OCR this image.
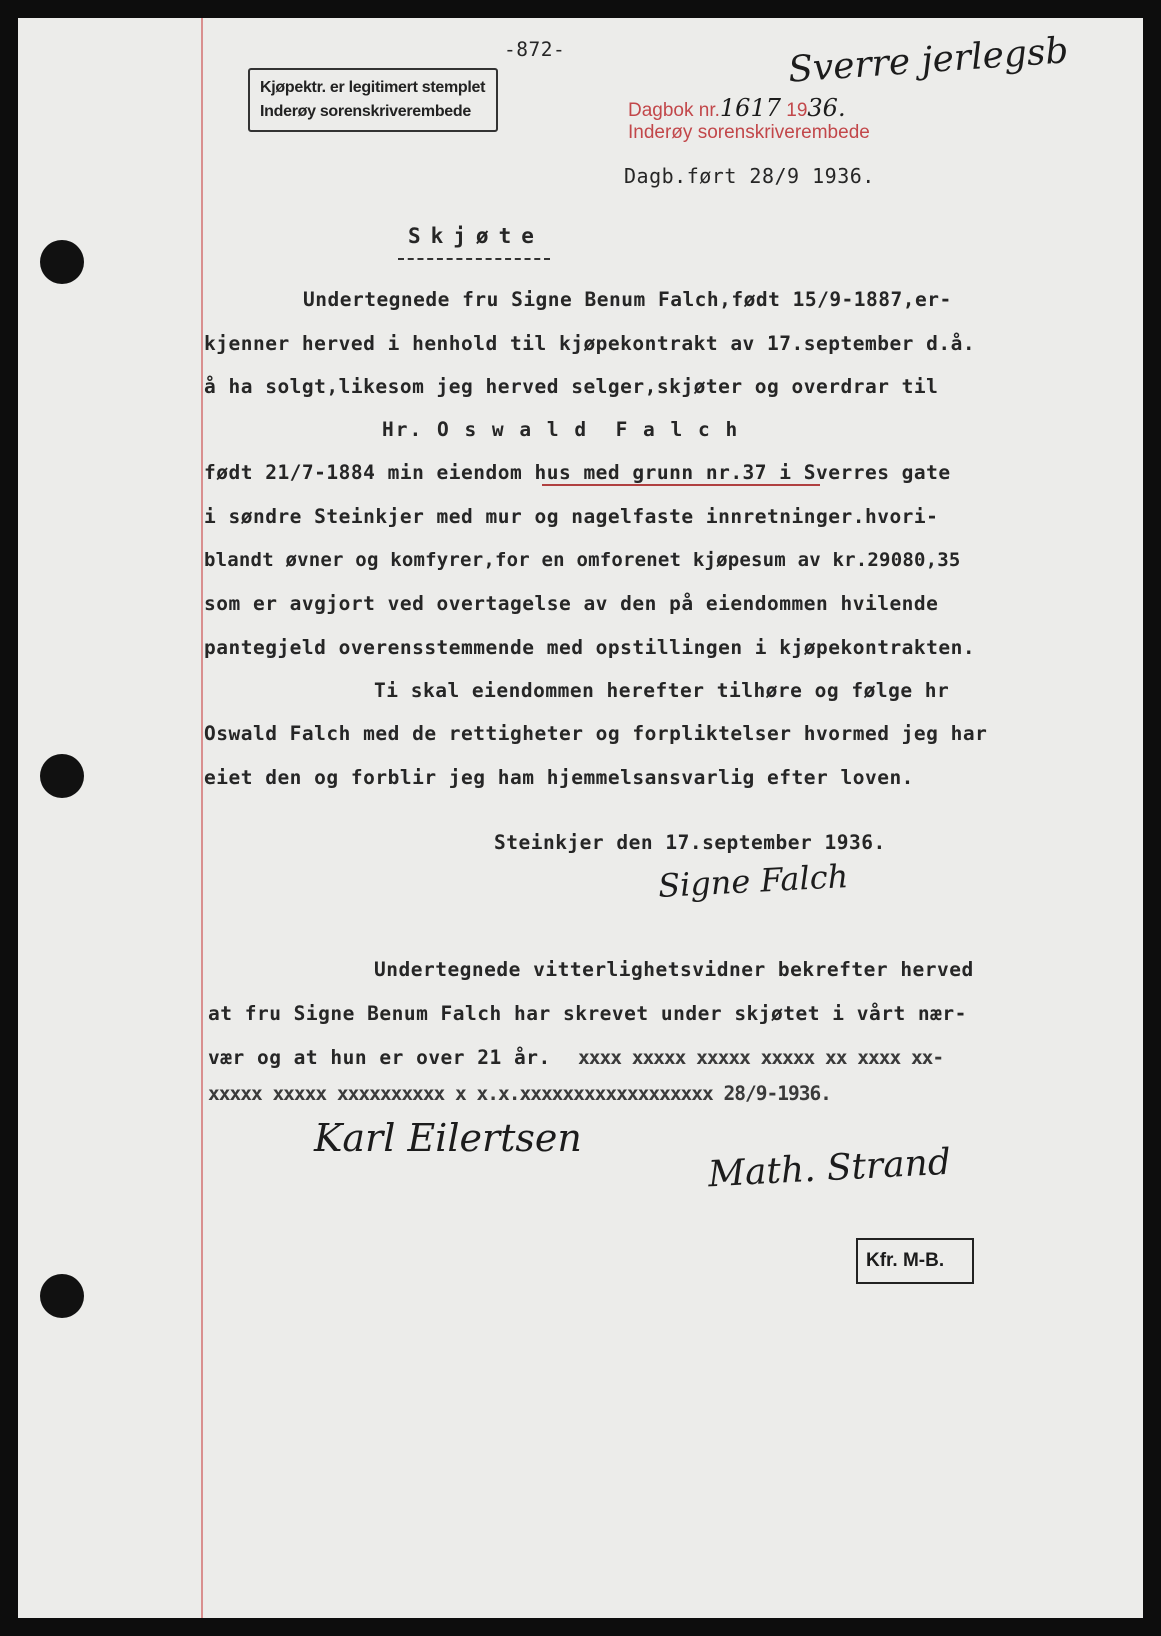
-872-
Kjøpektr. er legitimert stemplet
Inderøy sorenskriverembede	Dagbok nr.1617 1936.
Inderøy sorenskriverembede
Sverre jerlegsb
Dagb.ført 28/9 1936.
Skjøte
Undertegnede fru Signe Benum Falch,født 15/9-1887,er-
kjenner herved i henhold til kjøpekontrakt av 17.september d.å.
å ha solgt,likesom jeg herved selger,skjøter og overdrar til
Hr. O s w a l d  F a l c h
født 21/7-1884 min eiendom hus med grunn nr.37 i Sverres gate
i søndre Steinkjer med mur og nagelfaste innretninger.hvori-
blandt øvner og komfyrer,for en omforenet kjøpesum av kr.29080,35
som er avgjort ved overtagelse av den på eiendommen hvilende
pantegjeld overensstemmende med opstillingen i kjøpekontrakten.
Ti skal eiendommen herefter tilhøre og følge hr
Oswald Falch med de rettigheter og forpliktelser hvormed jeg har
eiet den og forblir jeg ham hjemmelsansvarlig efter loven.
Steinkjer den 17.september 1936.
Signe Falch
Undertegnede vitterlighetsvidner bekrefter herved
at fru Signe Benum Falch har skrevet under skjøtet i vårt nær-
vær og at hun er over 21 år. xxxx xxxxx xxxxx xxxxx xx xxxx xx-
xxxxx xxxxx xxxxxxxxxx x x.x.xxxxxxxxxxxxxxxxxx 28/9-1936.
Karl Eilertsen
Math. Strand
Kfr. M-B.
